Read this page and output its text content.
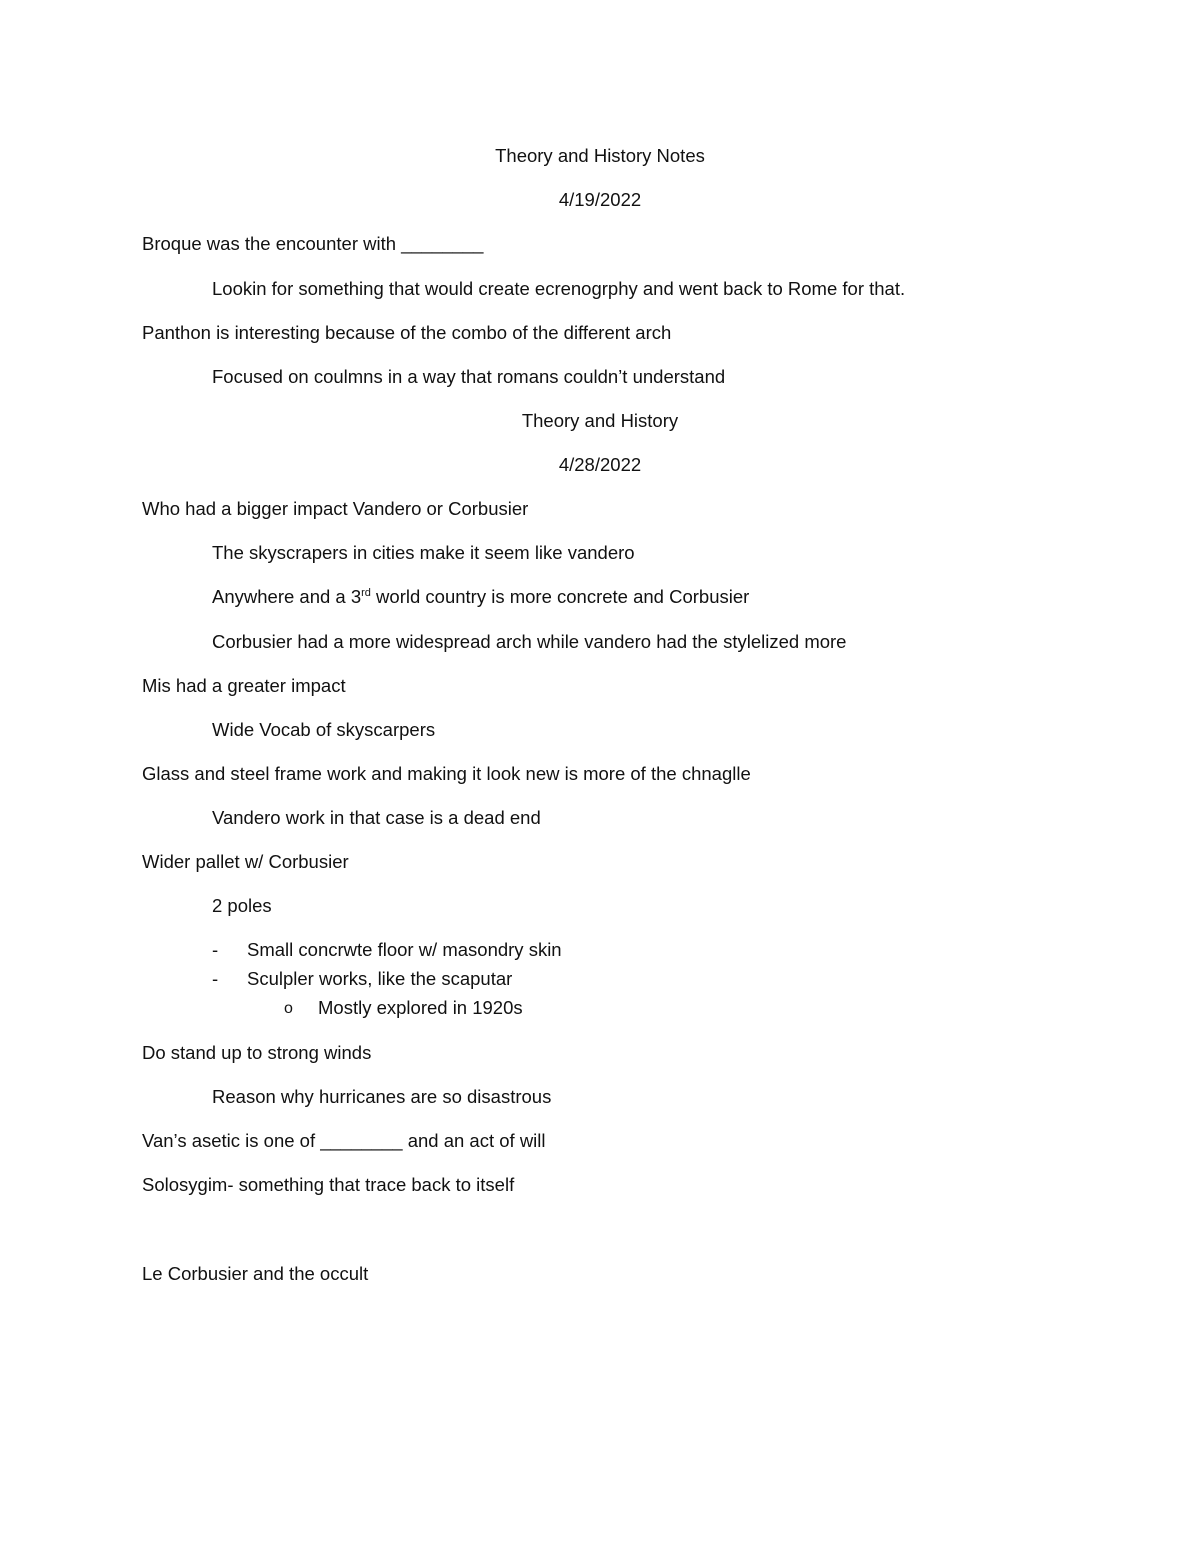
Theory and History Notes
4/19/2022
Broque was the encounter with ________
Lookin for something that would create ecrenogrphy and went back to Rome for that.
Panthon is interesting because of the combo of the different arch
Focused on coulmns in a way that romans couldn’t understand
Theory and History
4/28/2022
Who had a bigger impact Vandero or Corbusier
The skyscrapers in cities make it seem like vandero
Anywhere and a 3rd world country is more concrete and Corbusier
Corbusier had a more widespread arch while vandero had the stylelized more
Mis had a greater impact
Wide Vocab of skyscarpers
Glass and steel frame work and making it look new is more of the chnaglle
Vandero work in that case is a dead end
Wider pallet w/ Corbusier
2 poles
- Small concrwte floor w/ masondry skin
- Sculpler works, like the scaputar
o Mostly explored in 1920s
Do stand up to strong winds
Reason why hurricanes are so disastrous
Van’s asetic is one of ________ and an act of will
Solosygim- something that trace back to itself
Le Corbusier and the occult
